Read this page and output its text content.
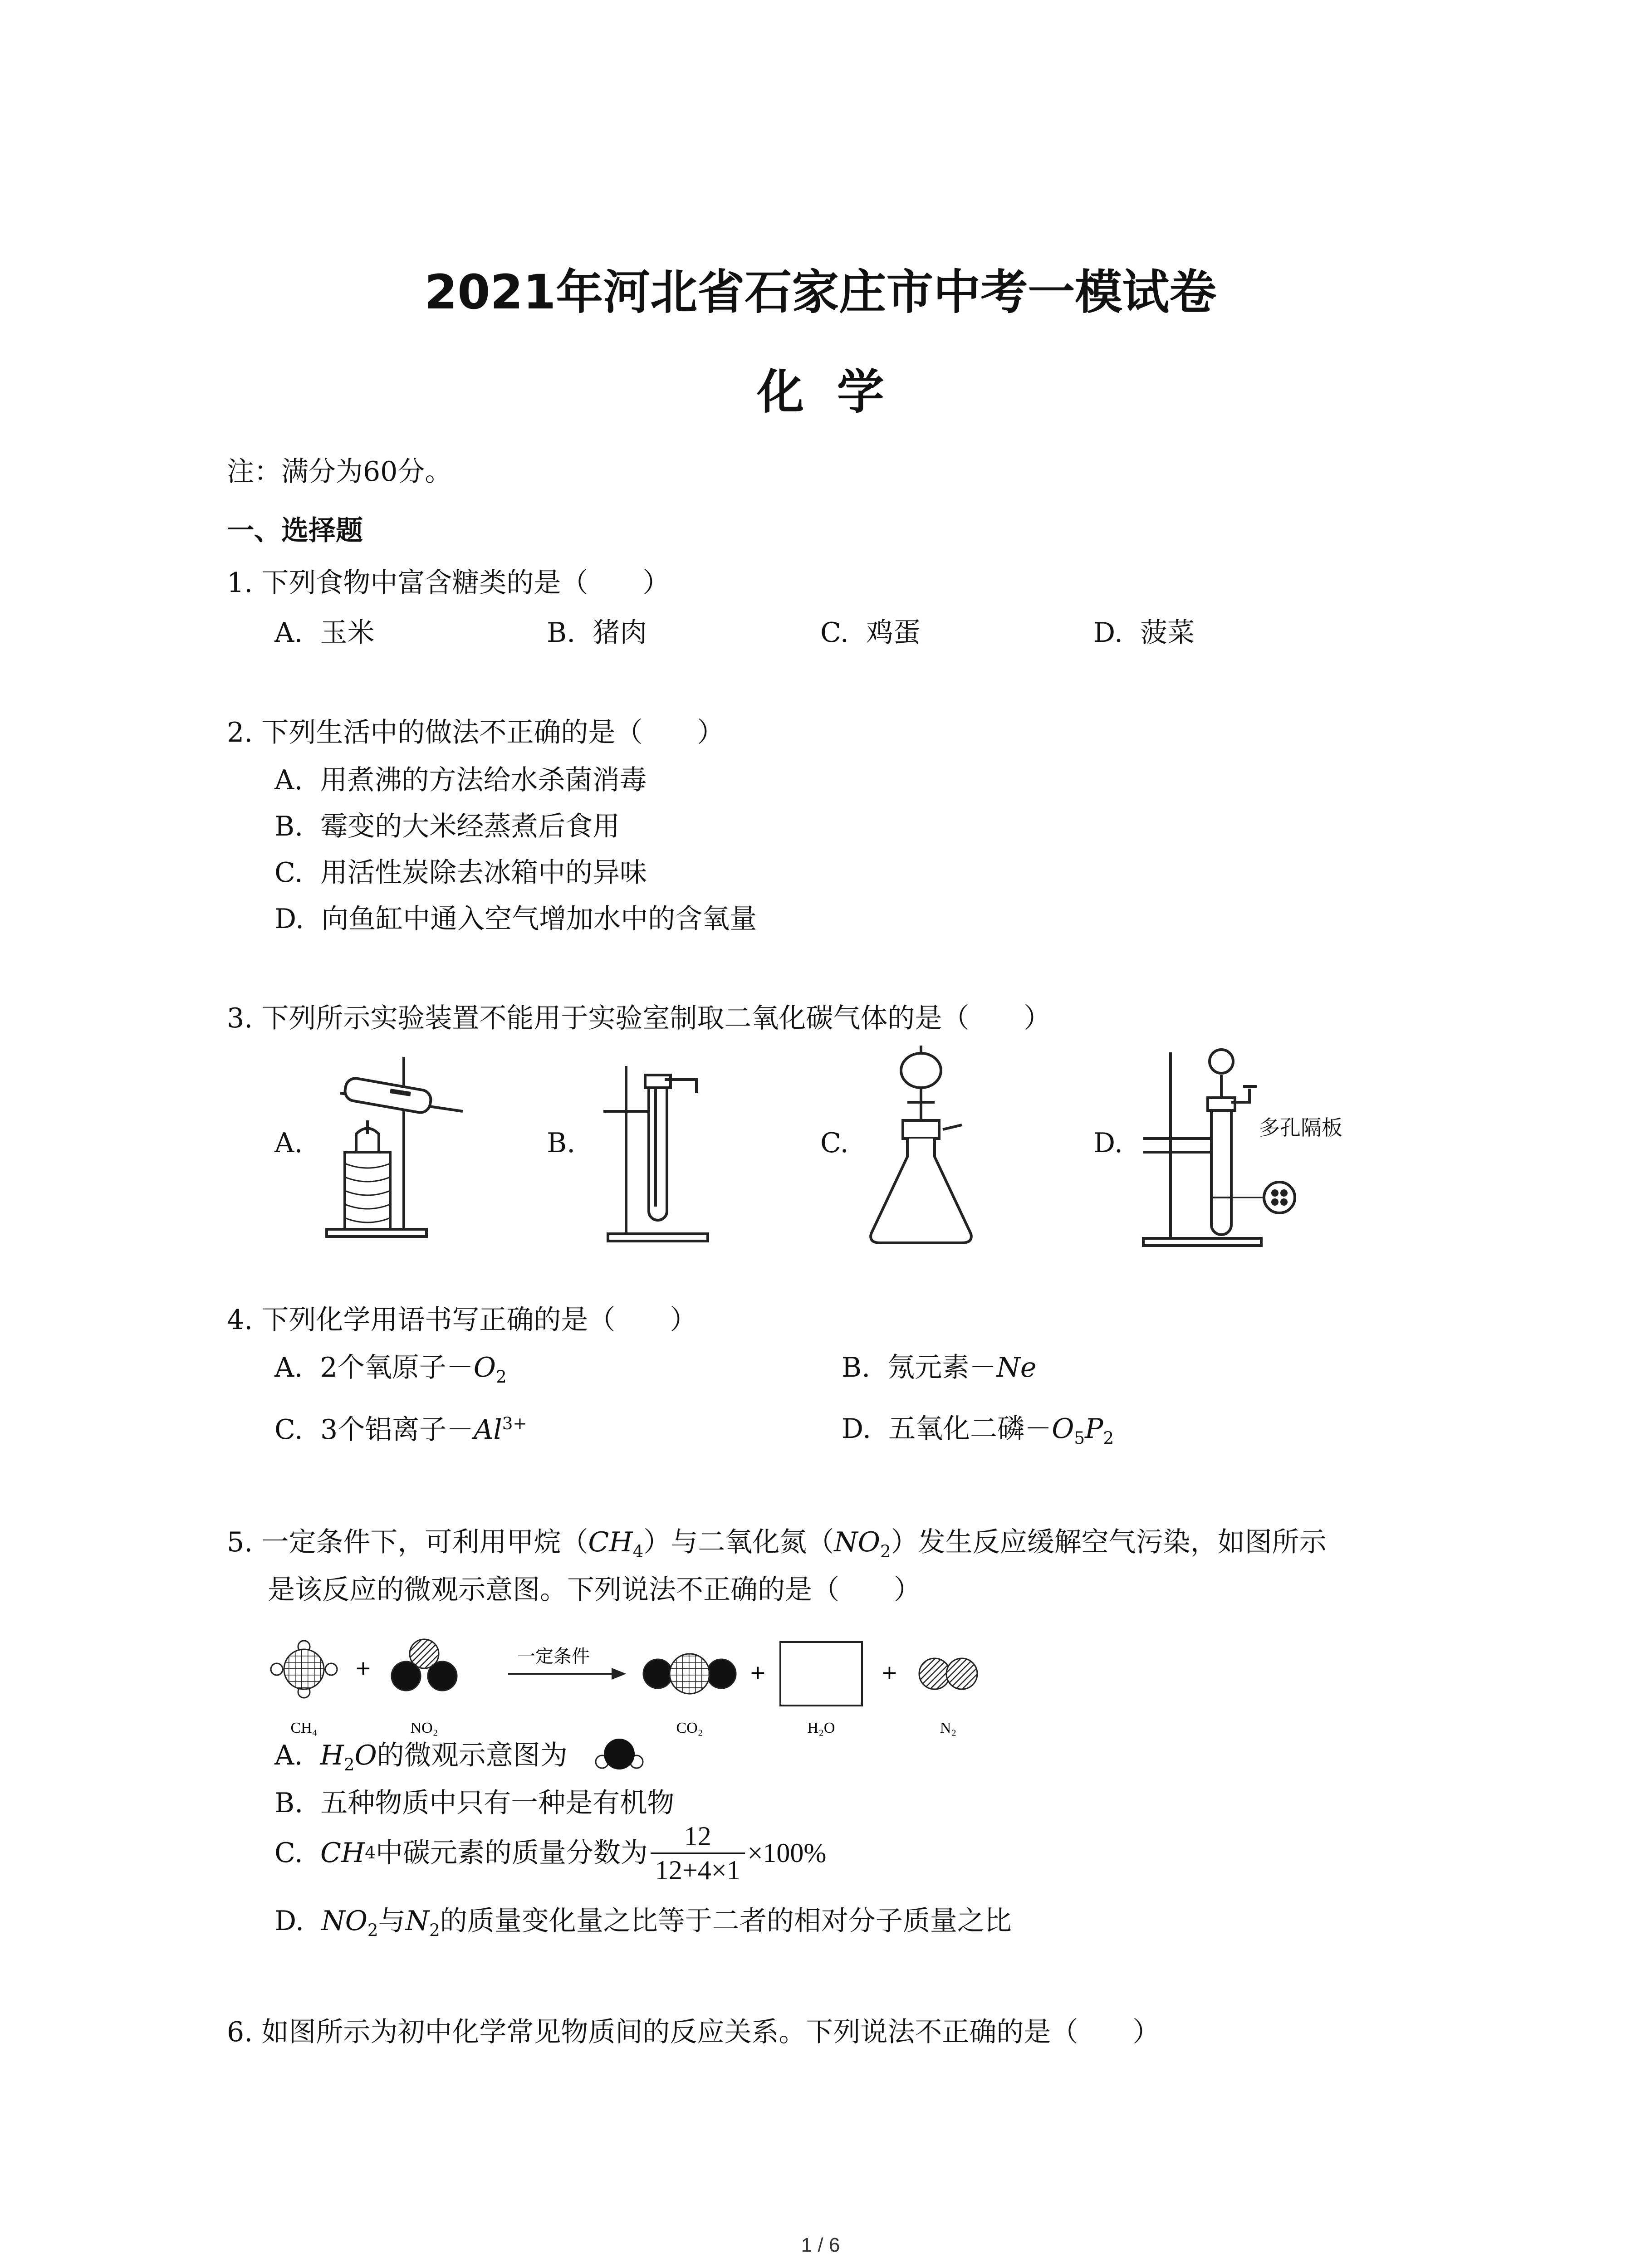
2021年河北省石家庄市中考一模试卷
化  学
注：满分为60分。
一、选择题
1. 下列食物中富含糖类的是（　　）
A.  玉米	B.  猪肉	C.  鸡蛋	D.  菠菜
2. 下列生活中的做法不正确的是（　　）
A.  用煮沸的方法给水杀菌消毒
B.  霉变的大米经蒸煮后食用
C.  用活性炭除去冰箱中的异味
D.  向鱼缸中通入空气增加水中的含氧量
3. 下列所示实验装置不能用于实验室制取二氧化碳气体的是（　　）
A.	B.	C.	D.	多孔隔板
4. 下列化学用语书写正确的是（　　）
A.  2个氧原子$-O_2$	B.  氖元素－Ne
C.  3个铝离子$-Al^{3+}$	D.  五氧化二磷$-O_5P_2$
5. 一定条件下，可利用甲烷$(CH_4)$与二氧化氮$(NO_2)$发生反应缓解空气污染，如图所示
是该反应的微观示意图。下列说法不正确的是（　　）
+	一定条件
+	+
CH₄	NO₂	CO₂	H₂O	N₂
A.  $H_2O$的微观示意图为
B.  五种物质中只有一种是有机物
C. CH 4 中碳元素的质量分数为 $\frac{12}{12+4\times 1} \times 100\%$
D.  $NO_2$与$N_2$的质量变化量之比等于二者的相对分子质量之比
6. 如图所示为初中化学常见物质间的反应关系。下列说法不正确的是（　　）
1 / 6
